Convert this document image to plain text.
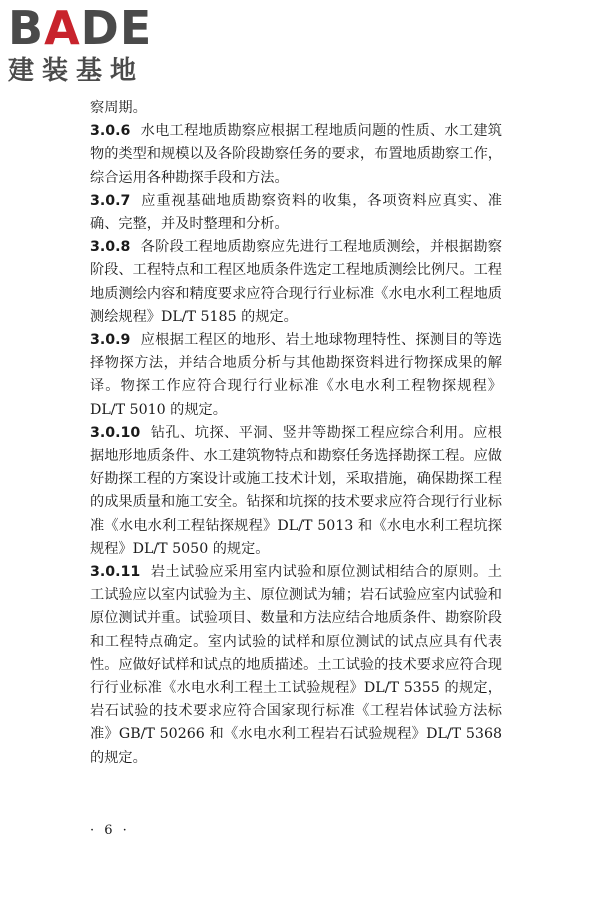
BADE
建装基地

察周期。

3.0.6 水电工程地质勘察应根据工程地质问题的性质、水工建筑物的类型和规模以及各阶段勘察任务的要求，布置地质勘察工作，综合运用各种勘探手段和方法。

3.0.7 应重视基础地质勘察资料的收集，各项资料应真实、准确、完整，并及时整理和分析。

3.0.8 各阶段工程地质勘察应先进行工程地质测绘，并根据勘察阶段、工程特点和工程区地质条件选定工程地质测绘比例尺。工程地质测绘内容和精度要求应符合现行行业标准《水电水利工程地质测绘规程》DL/T 5185 的规定。

3.0.9 应根据工程区的地形、岩土地球物理特性、探测目的等选择物探方法，并结合地质分析与其他勘探资料进行物探成果的解译。物探工作应符合现行行业标准《水电水利工程物探规程》DL/T 5010 的规定。

3.0.10 钻孔、坑探、平洞、竖井等勘探工程应综合利用。应根据地形地质条件、水工建筑物特点和勘察任务选择勘探工程。应做好勘探工程的方案设计或施工技术计划，采取措施，确保勘探工程的成果质量和施工安全。钻探和坑探的技术要求应符合现行行业标准《水电水利工程钻探规程》DL/T 5013 和《水电水利工程坑探规程》DL/T 5050 的规定。

3.0.11 岩土试验应采用室内试验和原位测试相结合的原则。土工试验应以室内试验为主、原位测试为辅；岩石试验应室内试验和原位测试并重。试验项目、数量和方法应结合地质条件、勘察阶段和工程特点确定。室内试验的试样和原位测试的试点应具有代表性。应做好试样和试点的地质描述。土工试验的技术要求应符合现行行业标准《水电水利工程土工试验规程》DL/T 5355 的规定，岩石试验的技术要求应符合国家现行标准《工程岩体试验方法标准》GB/T 50266 和《水电水利工程岩石试验规程》DL/T 5368 的规定。

· 6 ·
